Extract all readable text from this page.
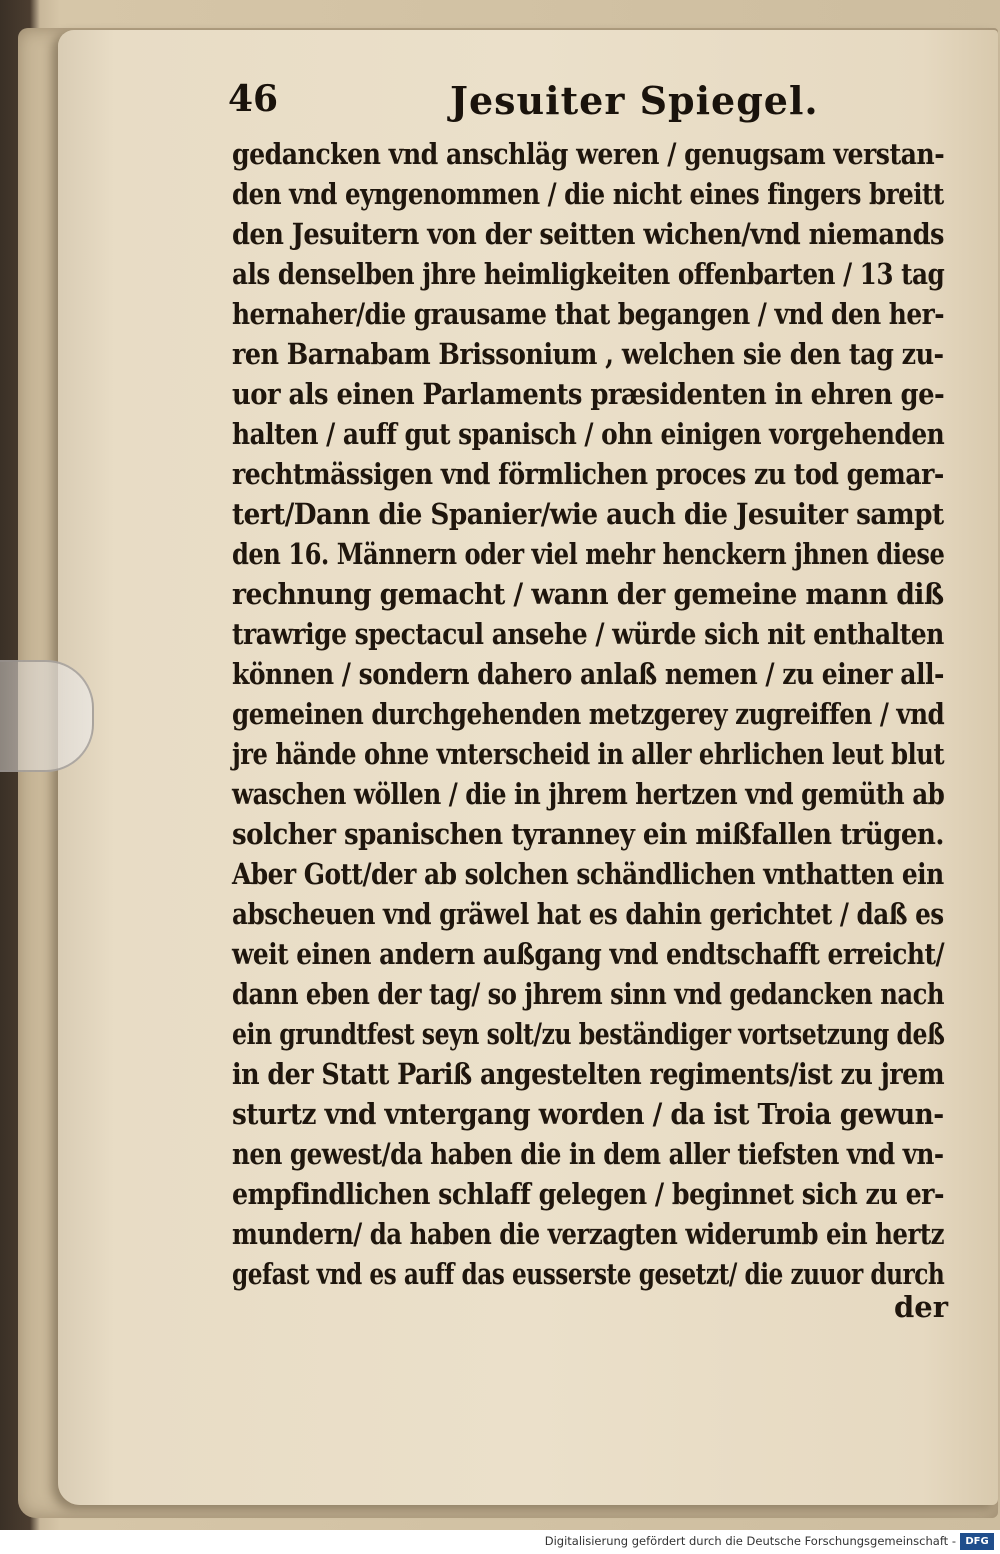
46	Jesuiter Spiegel.
gedancken vnd anschläg weren / genugsam verstan-
den vnd eyngenommen / die nicht eines fingers breitt
den Jesuitern von der seitten wichen/vnd niemands
als denselben jhre heimligkeiten offenbarten / 13 tag
hernaher/die grausame that begangen / vnd den her-
ren Barnabam Brissonium , welchen sie den tag zu-
uor als einen Parlaments præsidenten in ehren ge-
halten / auff gut spanisch / ohn einigen vorgehenden
rechtmässigen vnd förmlichen proces zu tod gemar-
tert/Dann die Spanier/wie auch die Jesuiter sampt
den 16. Männern oder viel mehr henckern jhnen diese
rechnung gemacht / wann der gemeine mann diß
trawrige spectacul ansehe / würde sich nit enthalten
können / sondern dahero anlaß nemen / zu einer all-
gemeinen durchgehenden metzgerey zugreiffen / vnd
jre hände ohne vnterscheid in aller ehrlichen leut blut
waschen wöllen / die in jhrem hertzen vnd gemüth ab
solcher spanischen tyranney ein mißfallen trügen.
Aber Gott/der ab solchen schändlichen vnthatten ein
abscheuen vnd gräwel hat es dahin gerichtet / daß es
weit einen andern außgang vnd endtschafft erreicht/
dann eben der tag/ so jhrem sinn vnd gedancken nach
ein grundtfest seyn solt/zu beständiger vortsetzung deß
in der Statt Pariß angestelten regiments/ist zu jrem
sturtz vnd vntergang worden / da ist Troia gewun-
nen gewest/da haben die in dem aller tiefsten vnd vn-
empfindlichen schlaff gelegen / beginnet sich zu er-
mundern/ da haben die verzagten widerumb ein hertz
gefast vnd es auff das eusserste gesetzt/ die zuuor durch
der
Digitalisierung gefördert durch die Deutsche Forschungsgemeinschaft - DFG
